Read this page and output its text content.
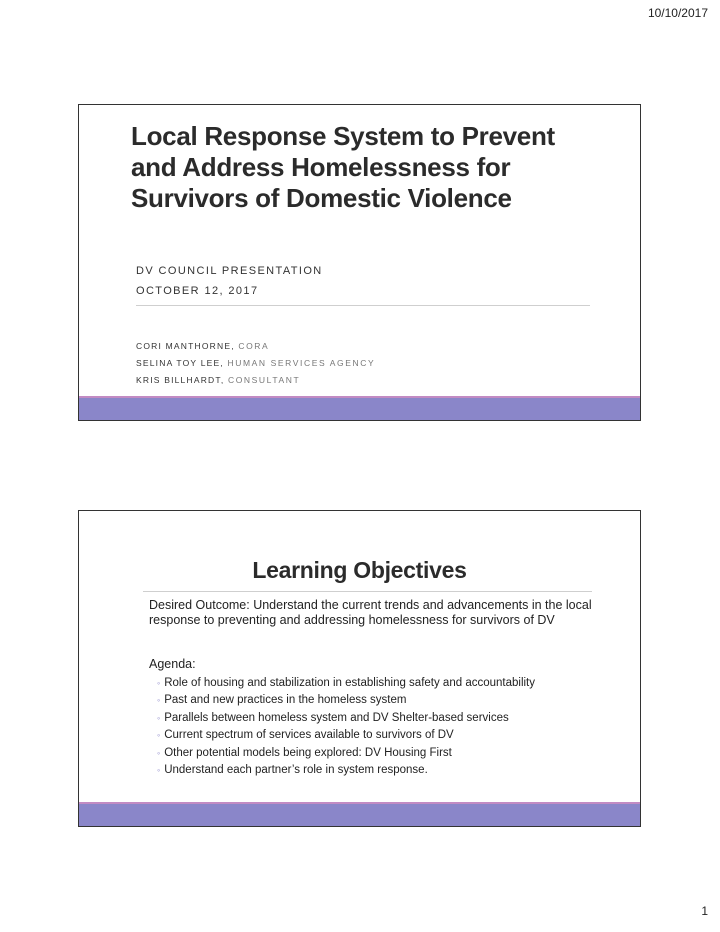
10/10/2017
Local Response System to Prevent and Address Homelessness for Survivors of Domestic Violence
DV COUNCIL PRESENTATION
OCTOBER 12, 2017
CORI MANTHORNE, CORA
SELINA TOY LEE, HUMAN SERVICES AGENCY
KRIS BILLHARDT, CONSULTANT
Learning Objectives
Desired Outcome: Understand the current trends and advancements in the local response to preventing and addressing homelessness for survivors of DV
Agenda:
◦ Role of housing and stabilization in establishing safety and accountability
◦ Past and new practices in the homeless system
◦ Parallels between homeless system and DV Shelter-based services
◦ Current spectrum of services available to survivors of DV
◦ Other potential models being explored: DV Housing First
◦ Understand each partner’s role in system response.
1
